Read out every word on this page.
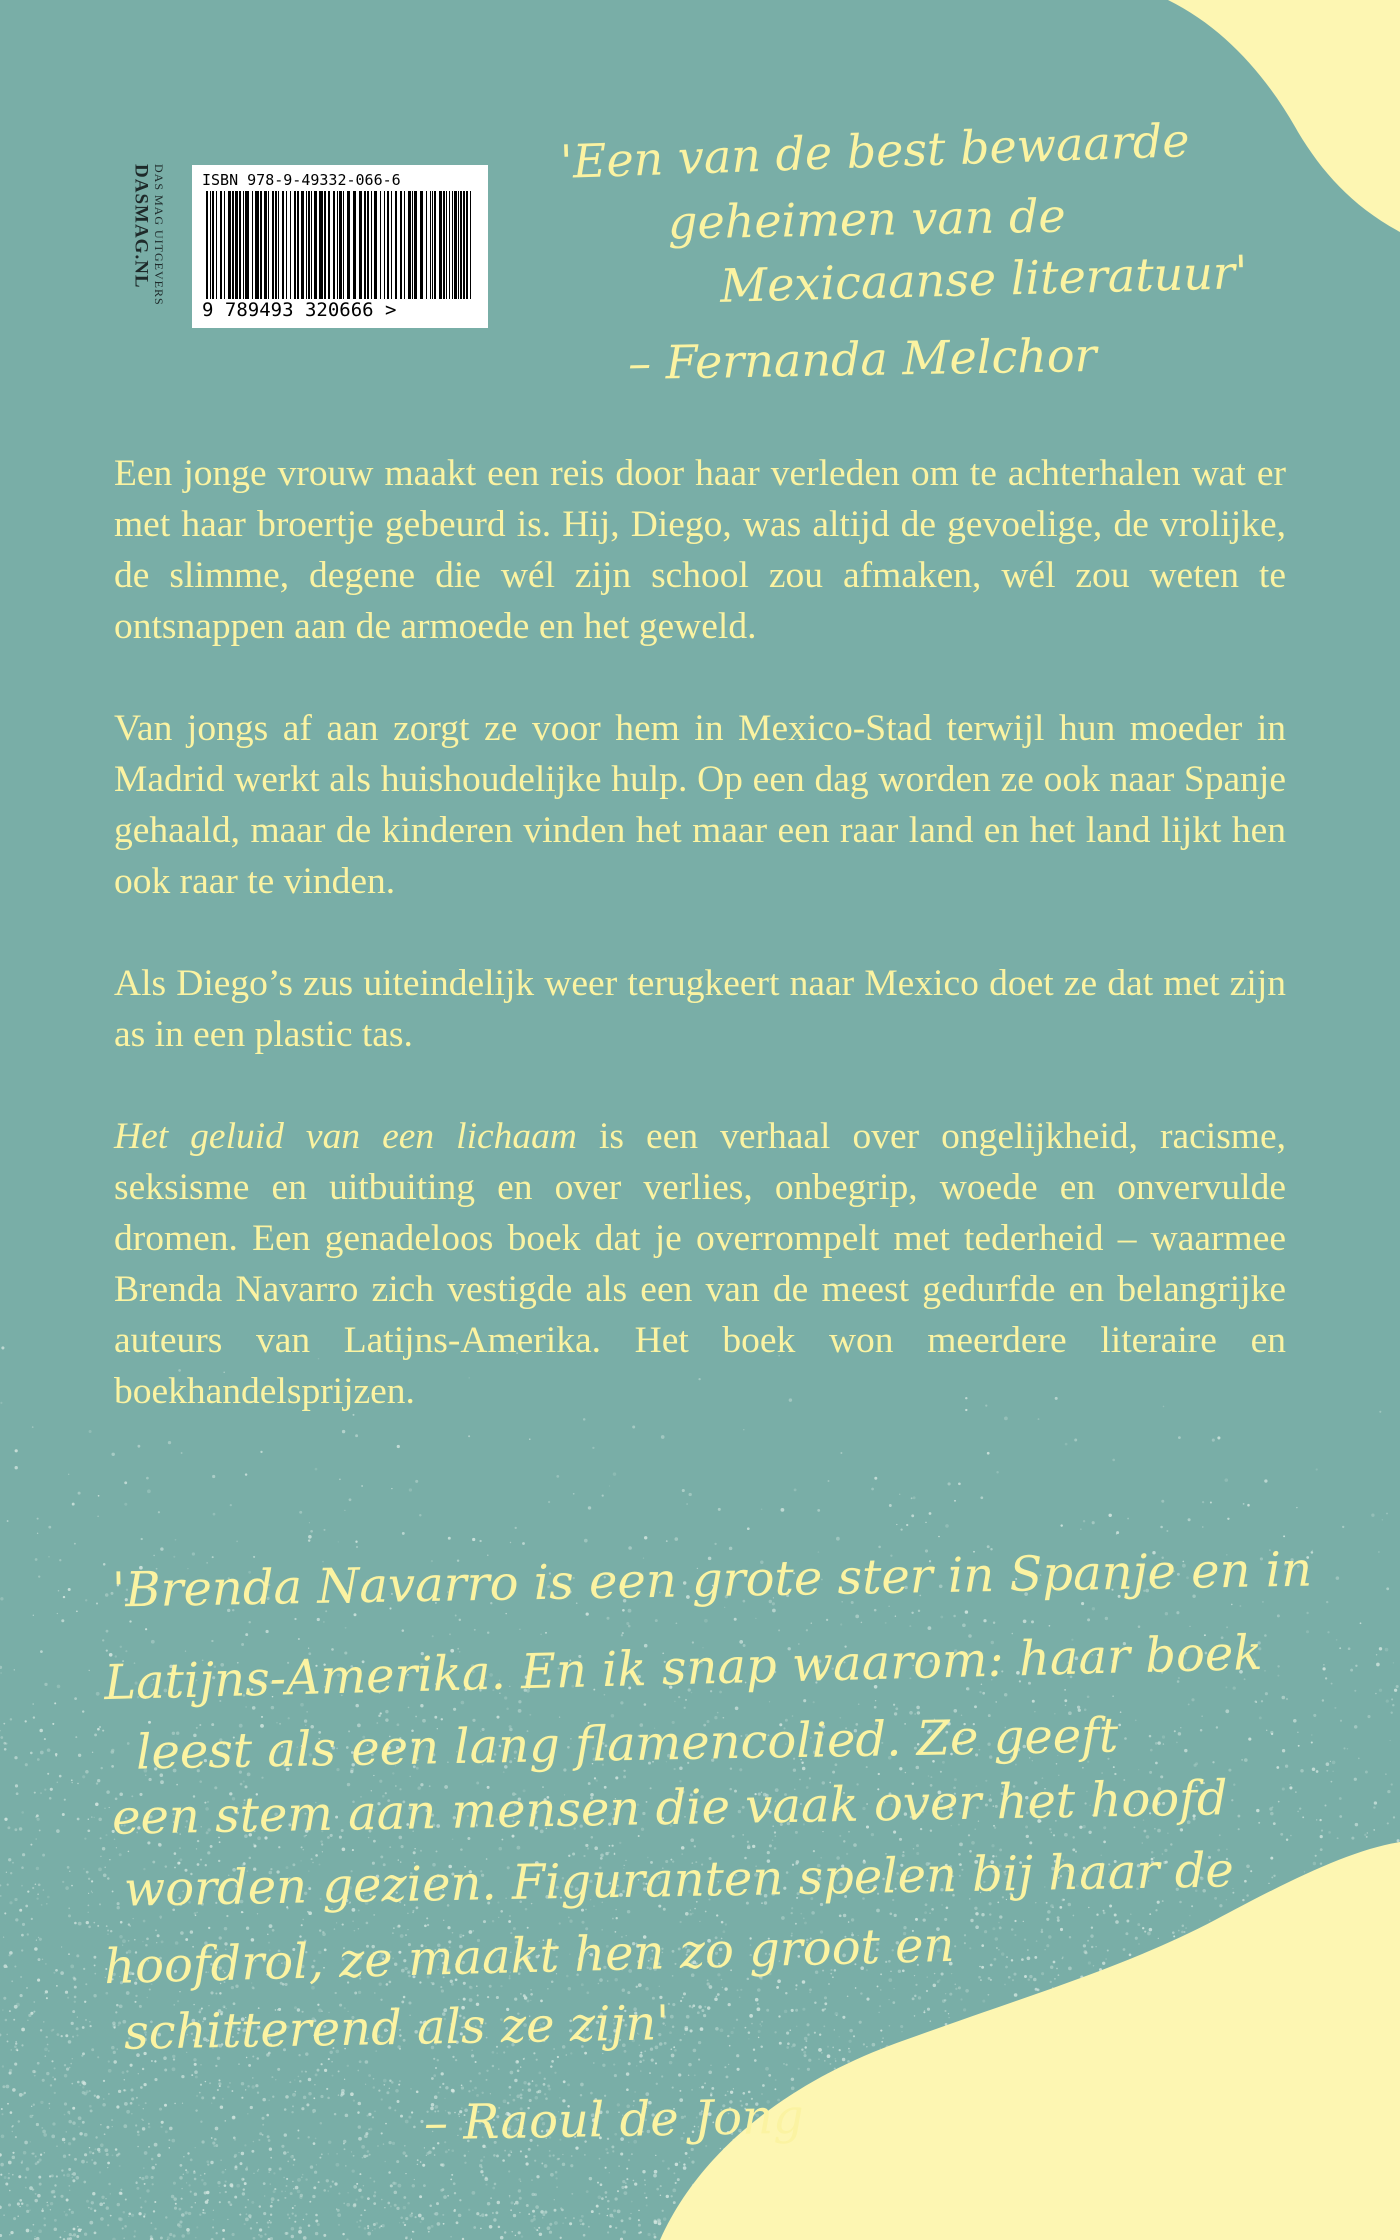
DAS MAG UITGEVERS
DASMAG.NL	ISBN 978-9-49332-066-6
9 789493 320666 >

'Een van de best bewaarde

geheimen van de

Mexicaanse literatuur'

– Fernanda Melchor

Een jonge vrouw maakt een reis door haar verleden om te achterhalen wat er met haar broertje gebeurd is. Hij, Diego, was altijd de gevoelige, de vrolijke, de slimme, degene die wél zijn school zou afmaken, wél zou weten te ontsnappen aan de armoede en het geweld.

Van jongs af aan zorgt ze voor hem in Mexico-Stad terwijl hun moeder in Madrid werkt als huishoudelijke hulp. Op een dag worden ze ook naar Spanje gehaald, maar de kinderen vinden het maar een raar land en het land lijkt hen ook raar te vinden.

Als Diego’s zus uiteindelijk weer terugkeert naar Mexico doet ze dat met zijn as in een plastic tas.

Het geluid van een lichaam is een verhaal over ongelijkheid, racisme, seksisme en uitbuiting en over verlies, onbegrip, woede en onvervulde dromen. Een genadeloos boek dat je overrompelt met tederheid – waarmee Brenda Navarro zich vestigde als een van de meest gedurfde en belangrijke auteurs van Latijns-Amerika. Het boek won meerdere literaire en boekhandelsprijzen.

'Brenda Navarro is een grote ster in Spanje en in

Latijns-Amerika. En ik snap waarom: haar boek

leest als een lang flamencolied. Ze geeft

een stem aan mensen die vaak over het hoofd

worden gezien. Figuranten spelen bij haar de

hoofdrol, ze maakt hen zo groot en

schitterend als ze zijn'

– Raoul de Jong
